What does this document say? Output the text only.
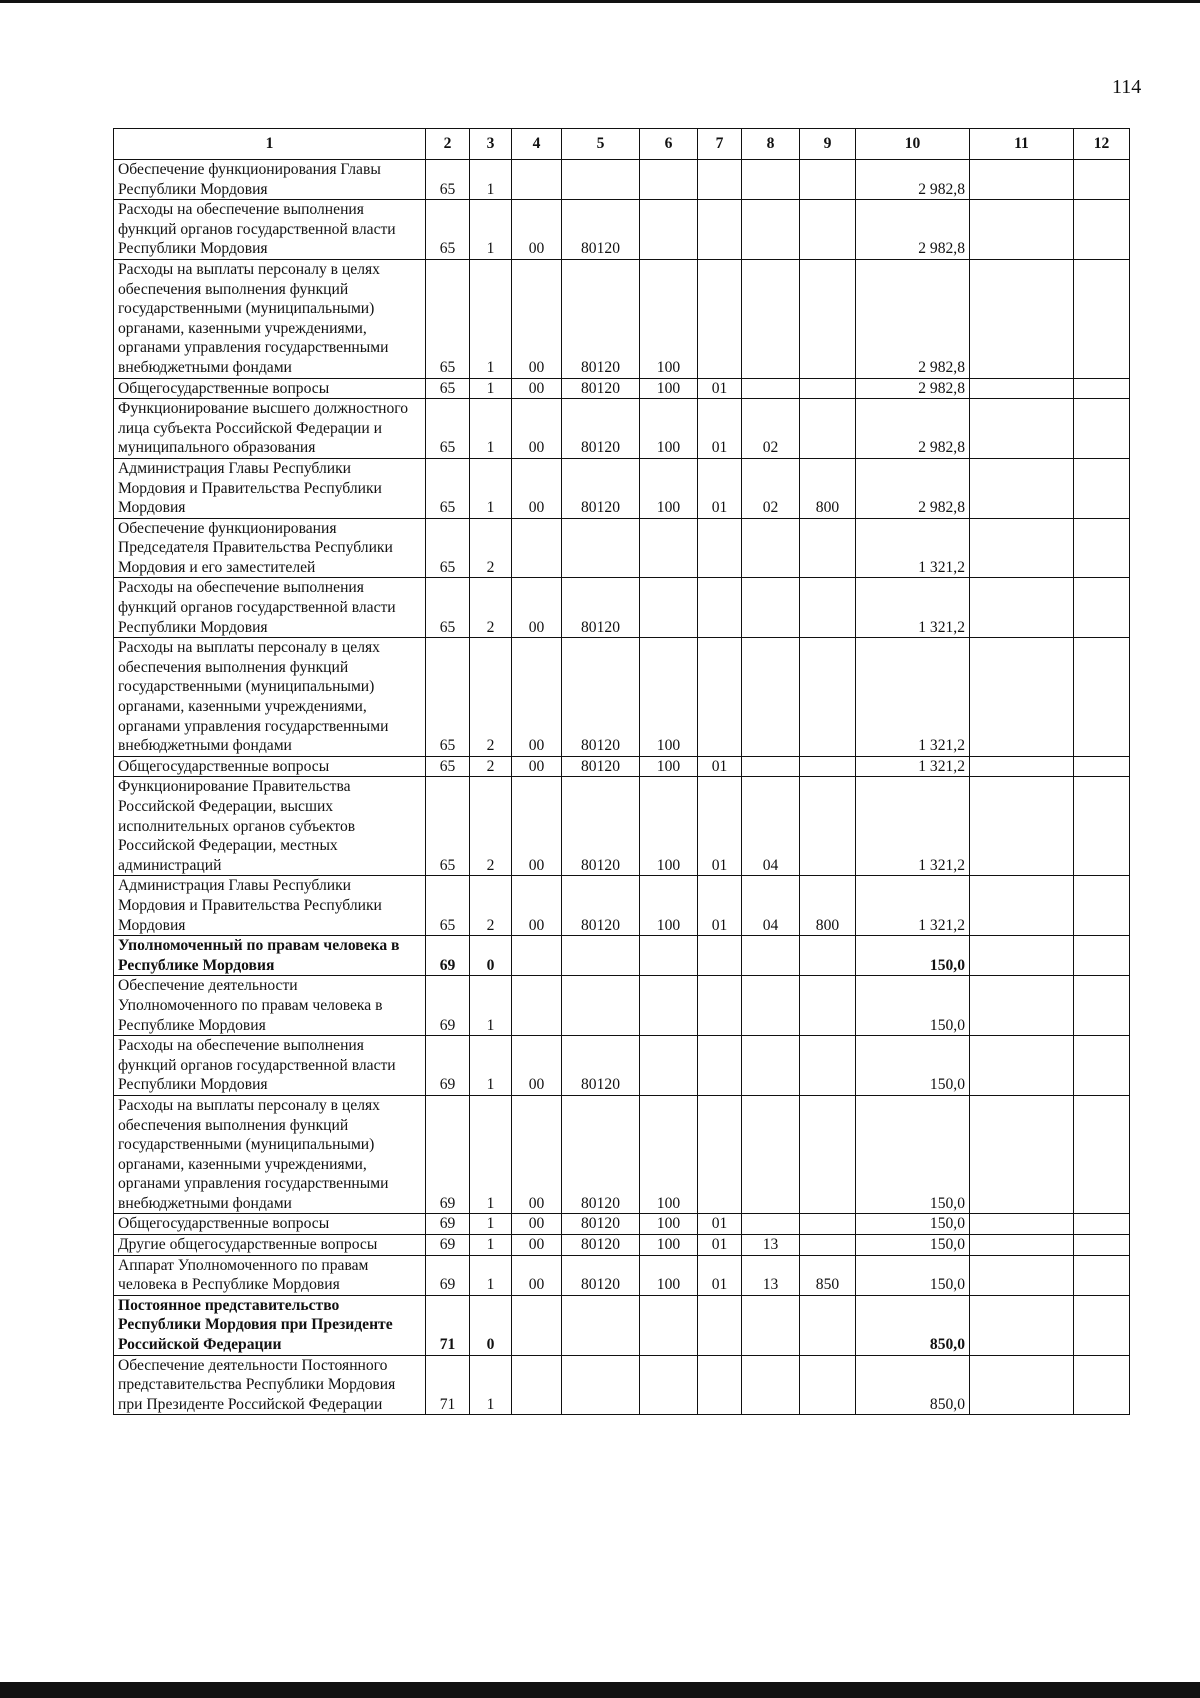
114
1	2	3	4	5	6	7	8	9	10	11	12
Обеспечение функционирования Главы Республики Мордовия	65	1							2 982,8		
Расходы на обеспечение выполнения функций органов государственной власти Республики Мордовия	65	1	00	80120					2 982,8		
Расходы на выплаты персоналу в целях обеспечения выполнения функций государственными (муниципальными) органами, казенными учреждениями, органами управления государственными внебюджетными фондами	65	1	00	80120	100				2 982,8		
Общегосударственные вопросы	65	1	00	80120	100	01			2 982,8		
Функционирование высшего должностного лица субъекта Российской Федерации и муниципального образования	65	1	00	80120	100	01	02		2 982,8		
Администрация Главы Республики Мордовия и Правительства Республики Мордовия	65	1	00	80120	100	01	02	800	2 982,8		
Обеспечение функционирования Председателя Правительства Республики Мордовия и его заместителей	65	2							1 321,2		
Расходы на обеспечение выполнения функций органов государственной власти Республики Мордовия	65	2	00	80120					1 321,2		
Расходы на выплаты персоналу в целях обеспечения выполнения функций государственными (муниципальными) органами, казенными учреждениями, органами управления государственными внебюджетными фондами	65	2	00	80120	100				1 321,2		
Общегосударственные вопросы	65	2	00	80120	100	01			1 321,2		
Функционирование Правительства Российской Федерации, высших исполнительных органов субъектов Российской Федерации, местных администраций	65	2	00	80120	100	01	04		1 321,2		
Администрация Главы Республики Мордовия и Правительства Республики Мордовия	65	2	00	80120	100	01	04	800	1 321,2		
Уполномоченный по правам человека в Республике Мордовия	69	0							150,0		
Обеспечение деятельности Уполномоченного по правам человека в Республике Мордовия	69	1							150,0		
Расходы на обеспечение выполнения функций органов государственной власти Республики Мордовия	69	1	00	80120					150,0		
Расходы на выплаты персоналу в целях обеспечения выполнения функций государственными (муниципальными) органами, казенными учреждениями, органами управления государственными внебюджетными фондами	69	1	00	80120	100				150,0		
Общегосударственные вопросы	69	1	00	80120	100	01			150,0		
Другие общегосударственные вопросы	69	1	00	80120	100	01	13		150,0		
Аппарат Уполномоченного по правам человека в Республике Мордовия	69	1	00	80120	100	01	13	850	150,0		
Постоянное представительство Республики Мордовия при Президенте Российской Федерации	71	0							850,0		
Обеспечение деятельности Постоянного представительства Республики Мордовия при Президенте Российской Федерации	71	1							850,0		
